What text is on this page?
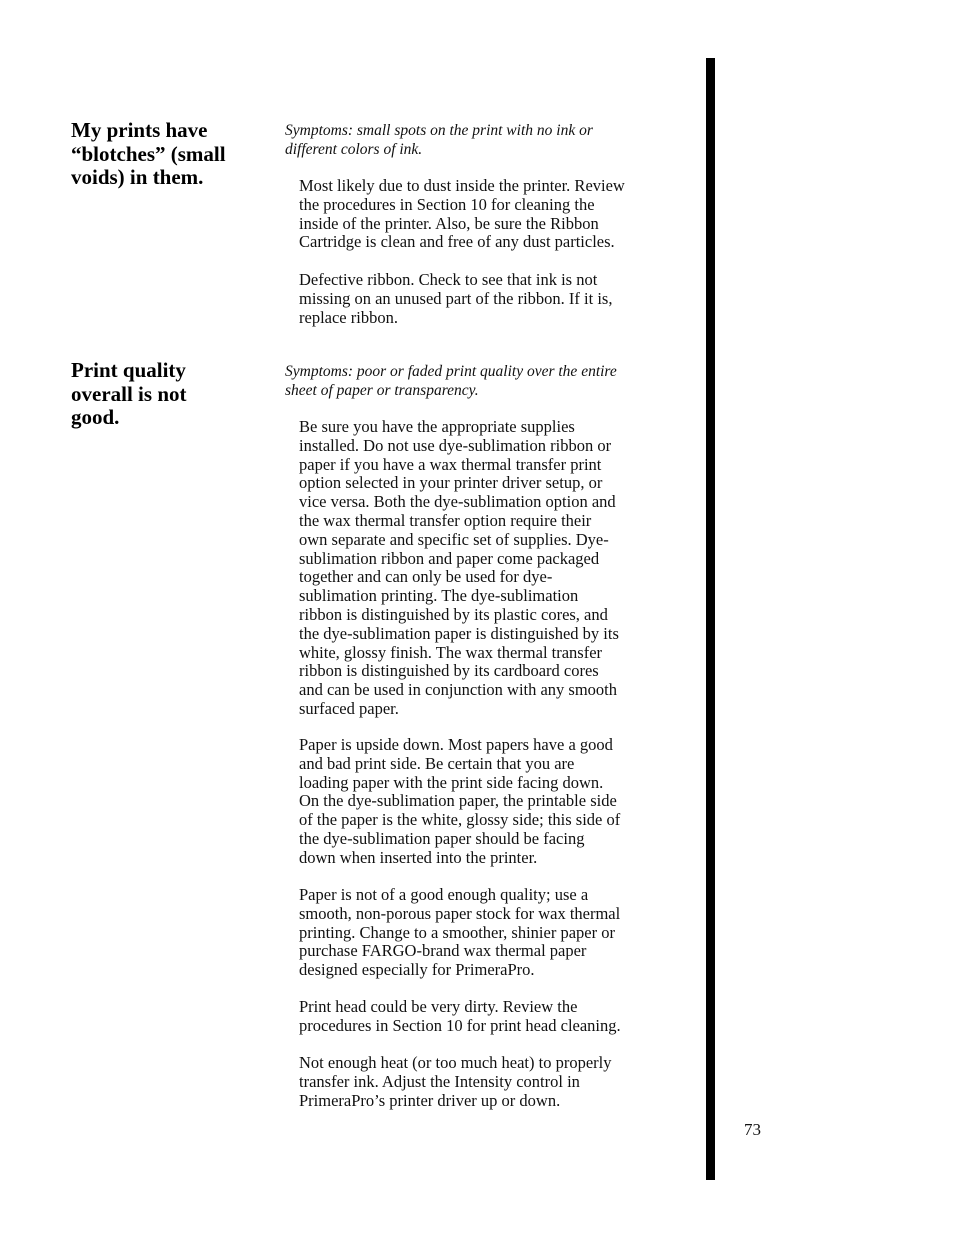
My prints have
“blotches” (small
voids) in them.
Symptoms: small spots on the print with no ink or
different colors of ink.
Most likely due to dust inside the printer. Review
the procedures in Section 10 for cleaning the
inside of the printer. Also, be sure the Ribbon
Cartridge is clean and free of any dust particles.
Defective ribbon. Check to see that ink is not
missing on an unused part of the ribbon. If it is,
replace ribbon.
Print quality
overall is not
good.
Symptoms: poor or faded print quality over the entire
sheet of paper or transparency.
Be sure you have the appropriate supplies
installed. Do not use dye-sublimation ribbon or
paper if you have a wax thermal transfer print
option selected in your printer driver setup, or
vice versa. Both the dye-sublimation option and
the wax thermal transfer option require their
own separate and specific set of supplies. Dye-
sublimation ribbon and paper come packaged
together and can only be used for dye-
sublimation printing. The dye-sublimation
ribbon is distinguished by its plastic cores, and
the dye-sublimation paper is distinguished by its
white, glossy finish. The wax thermal transfer
ribbon is distinguished by its cardboard cores
and can be used in conjunction with any smooth
surfaced paper.
Paper is upside down. Most papers have a good
and bad print side. Be certain that you are
loading paper with the print side facing down.
On the dye-sublimation paper, the printable side
of the paper is the white, glossy side; this side of
the dye-sublimation paper should be facing
down when inserted into the printer.
Paper is not of a good enough quality; use a
smooth, non-porous paper stock for wax thermal
printing. Change to a smoother, shinier paper or
purchase FARGO-brand wax thermal paper
designed especially for PrimeraPro.
Print head could be very dirty. Review the
procedures in Section 10 for print head cleaning.
Not enough heat (or too much heat) to properly
transfer ink. Adjust the Intensity control in
PrimeraPro’s printer driver up or down.
73
